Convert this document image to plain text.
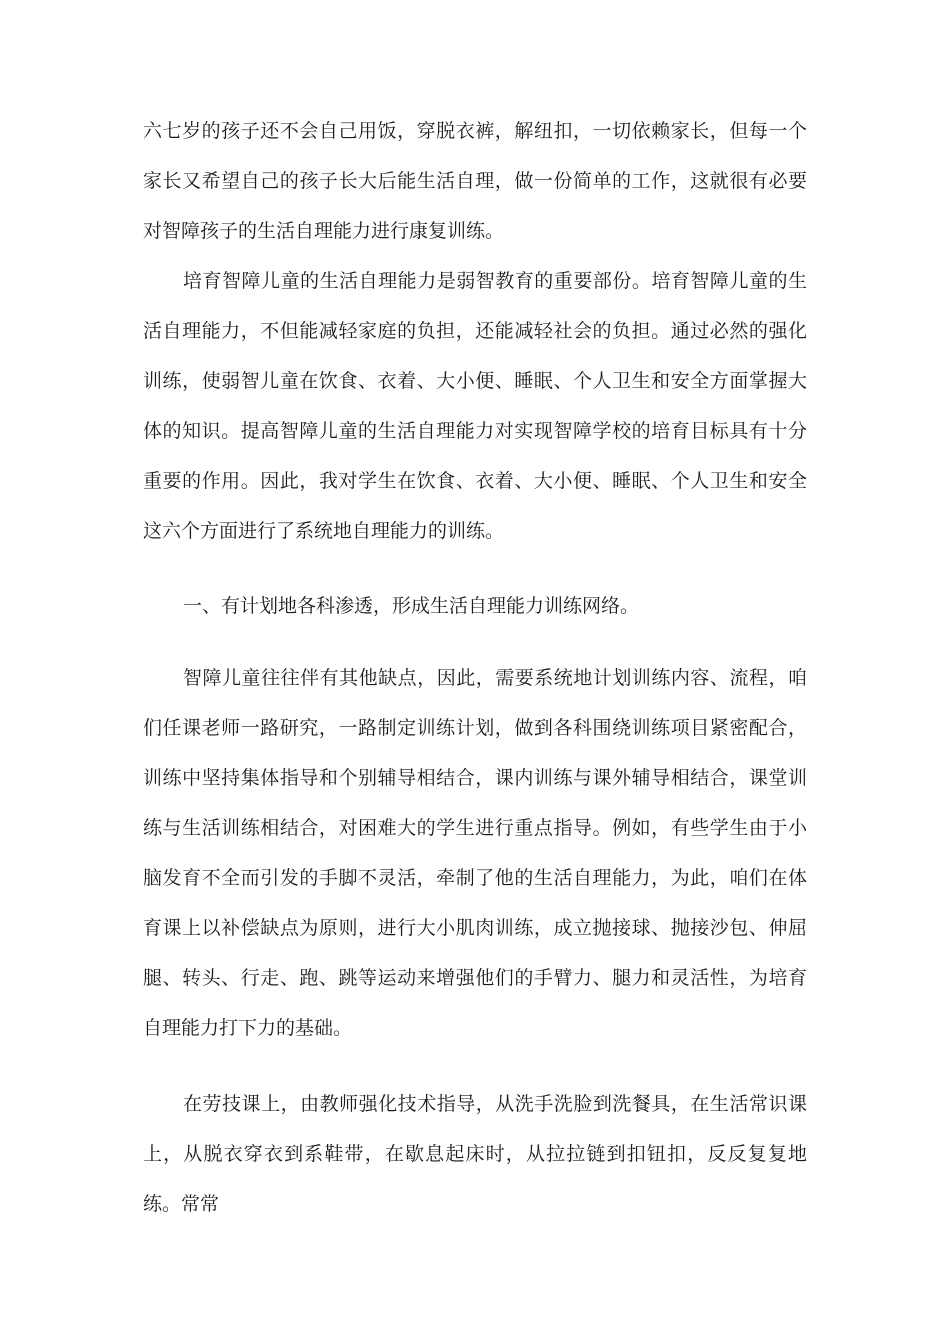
六七岁的孩子还不会自己用饭，穿脱衣裤，解纽扣，一切依赖家长，但每一个家长又希望自己的孩子长大后能生活自理，做一份简单的工作，这就很有必要对智障孩子的生活自理能力进行康复训练。

培育智障儿童的生活自理能力是弱智教育的重要部份。培育智障儿童的生活自理能力，不但能减轻家庭的负担，还能减轻社会的负担。通过必然的强化训练，使弱智儿童在饮食、衣着、大小便、睡眠、个人卫生和安全方面掌握大体的知识。提高智障儿童的生活自理能力对实现智障学校的培育目标具有十分重要的作用。因此，我对学生在饮食、衣着、大小便、睡眠、个人卫生和安全这六个方面进行了系统地自理能力的训练。

一、有计划地各科渗透，形成生活自理能力训练网络。

智障儿童往往伴有其他缺点，因此，需要系统地计划训练内容、流程，咱们任课老师一路研究，一路制定训练计划，做到各科围绕训练项目紧密配合，训练中坚持集体指导和个别辅导相结合，课内训练与课外辅导相结合，课堂训练与生活训练相结合，对困难大的学生进行重点指导。例如，有些学生由于小脑发育不全而引发的手脚不灵活，牵制了他的生活自理能力，为此，咱们在体育课上以补偿缺点为原则，进行大小肌肉训练，成立抛接球、抛接沙包、伸屈腿、转头、行走、跑、跳等运动来增强他们的手臂力、腿力和灵活性，为培育自理能力打下力的基础。

在劳技课上，由教师强化技术指导，从洗手洗脸到洗餐具，在生活常识课上，从脱衣穿衣到系鞋带，在歇息起床时，从拉拉链到扣钮扣，反反复复地练。常常
